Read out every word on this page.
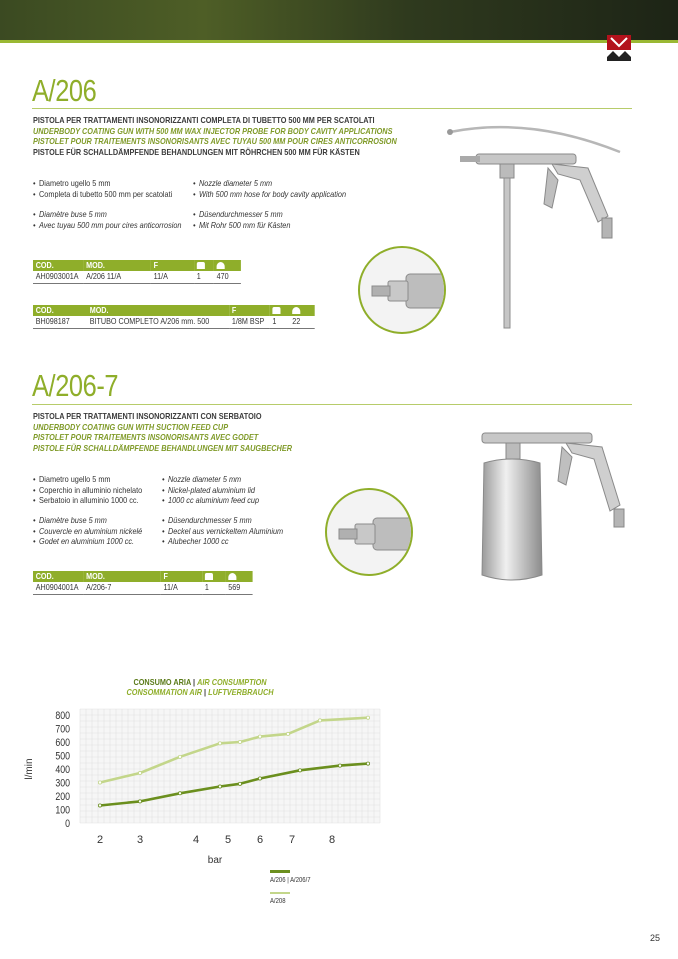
A/206
PISTOLA PER TRATTAMENTI INSONORIZZANTI COMPLETA DI TUBETTO 500 MM PER SCATOLATI
UNDERBODY COATING GUN WITH 500 MM WAX INJECTOR PROBE FOR BODY CAVITY APPLICATIONS
PISTOLET POUR TRAITEMENTS INSONORISANTS AVEC TUYAU 500 MM POUR CIRES ANTICORROSION
PISTOLE FÜR SCHALLDÄMPFENDE BEHANDLUNGEN MIT RÖHRCHEN 500 MM FÜR KÄSTEN
• Diametro ugello 5 mm
• Completa di tubetto 500 mm per scatolati
• Nozzle diameter 5 mm
• With 500 mm hose for body cavity application
• Diamètre buse 5 mm
• Avec tuyau 500 mm pour cires anticorrosion
• Düsendurchmesser 5 mm
• Mit Rohr 500 mm für Kästen
COD.	MOD.	F		
AH0903001A	A/206 11/A	11/A	1	470
COD.	MOD.	F		
BH098187	BITUBO COMPLETO A/206 mm. 500	1/8M BSP	1	22
A/206-7
PISTOLA PER TRATTAMENTI INSONORIZZANTI CON SERBATOIO
UNDERBODY COATING GUN WITH SUCTION FEED CUP
PISTOLET POUR TRAITEMENTS INSONORISANTS AVEC GODET
PISTOLE FÜR SCHALLDÄMPFENDE BEHANDLUNGEN MIT SAUGBECHER
• Diametro ugello 5 mm
• Coperchio in alluminio nichelato
• Serbatoio in alluminio 1000 cc.
• Nozzle diameter 5 mm
• Nickel-plated aluminium lid
• 1000 cc aluminium feed cup
• Diamètre buse 5 mm
• Couvercle en aluminium nickelé
• Godet en aluminium 1000 cc.
• Düsendurchmesser 5 mm
• Deckel aus vernickeltem Aluminium
• Alubecher 1000 cc
COD.	MOD.	F		
AH0904001A	A/206-7	11/A	1	569
CONSUMO ARIA | AIR CONSUMPTION
CONSOMMATION AIR | LUFTVERBRAUCH
0
100
200
300
400
500
600
700
800
2	3	4 5 6 7	8
l/min
bar
A/206 | A/206/7
A/208
25
